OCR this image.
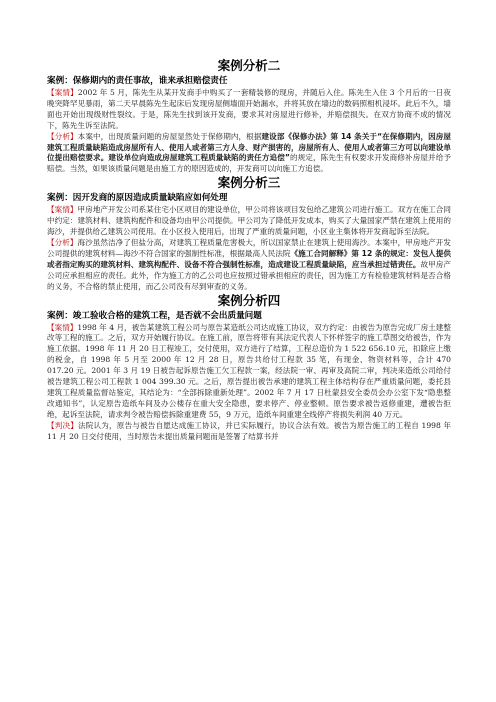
案例分析二
案例：保修期内的责任事故，谁来承担赔偿责任

【案情】2002 年 5 月，陈先生从某开发商手中购买了一套精装修的现房，并随后入住。陈先生入住 3 个月后的一日夜晚突降罕见暴雨，第二天早晨陈先生起床后发现房屋侧墙面开始漏水，并将其放在墙边的数码照相机浸坏。此后不久，墙面也开始出现级财性裂纹。于是，陈先生找到该开发商，要求其对房屋进行修补，并赔偿损失。在双方协商不成的情况下，陈先生诉至法院。

【分析】本案中，出现质量问题的房屋显然处于保修期内，根据建设部《保修办法》第 14 条关于“在保修期内，因房屋建筑工程质量缺陷造成房屋所有人、使用人或者第三方人身、财产损害的，房屋所有人、使用人或者第三方可以向建设单位提出赔偿要求。建设单位向造成房屋建筑工程质量缺陷的责任方追偿”的规定，陈先生有权要求开发商修补房屋并给予赔偿。当然，如果该质量问题是由施工方的原因造成的，开发商可以向施工方追偿。

案例分析三
案例：因开发商的原因造成质量缺陷应如何处理

【案情】甲房地产开发公司系某住宅小区项目的建设单位，甲公司将该项目发包给乙建筑公司进行施工。双方在施工合同中约定：建筑材料、建筑构配件和设备均由甲公司提供。甲公司为了降低开发成本，购买了大量国家严禁在建筑上使用的海沙，并提供给乙建筑公司使用。在小区投入使用后，出现了严重的质量问题，小区业主集体将开发商起诉至法院。

【分析】海沙虽然洁净了但盐分高，对建筑工程质量危害极大，所以国家禁止在建筑上使用海沙。本案中，甲房地产开发公司提供的建筑材料—海沙不符合国家的强制性标准，根据最高人民法院《施工合同解释》第 12 条的规定：发包人提供或者指定购买的建筑材料、建筑构配件、设备不符合强制性标准，造成建设工程质量缺陷，应当承担过错责任。故甲房产公司应承担相应的责任。此外，作为施工方的乙公司也应按照过错承担相应的责任，因为施工方有检验建筑材料是否合格的义务，不合格的禁止使用，而乙公司没有尽到审查的义务。

案例分析四
案例：竣工验收合格的建筑工程，是否就不会出质量问题

【案情】1998 年 4 月，被告某建筑工程公司与原告某造纸公司达成施工协议，双方约定：由被告为原告完成厂房土建整改等工程的施工。之后，双方开始履行协议。在施工前，原告将带有其法定代表人下怀样签字的施工草图交给被告，作为施工依据。1998 年 11 月 20 日工程竣工，交付使用，双方进行了结算，工程总造价为 1 522 656.10 元，扣除应上缴的税金，自 1998 年 5 月至 2000 年 12 月 28 日，原告共给付工程款 35 笔，有现金、物资材料等，合计 470 017.20 元。2001 年 3 月 19 日被告起诉原告施工欠工程款一案，经法院一审、再审及高院二审，判决来造纸公司给付被告建筑工程公司工程款 1 004 399.30 元。之后，原告提出被告承建的建筑工程主体结构存在严重质量问题，委托县建筑工程质量监督站鉴定，其结论为：“全部拆除重新处理”。2002 年 7 月 17 日杜蒙县安全委员会办公室下发“隐患整改通知书”，认定原告造纸车间及办公楼存在重大安全隐患，要求停产、停业整顿。原告要求被告返修重建，遭被告拒绝，起诉至法院，请求判令被告赔偿拆除重建费 55，9 万元，造纸车间重建全线停产将损失利润 40 万元。

【判决】法院认为，原告与被告自愿达成施工协议，并已实际履行，协议合法有效。被告为原告施工的工程自 1998 年 11 月 20 日交付使用，当时原告未提出质量问题而是签署了结算书并
